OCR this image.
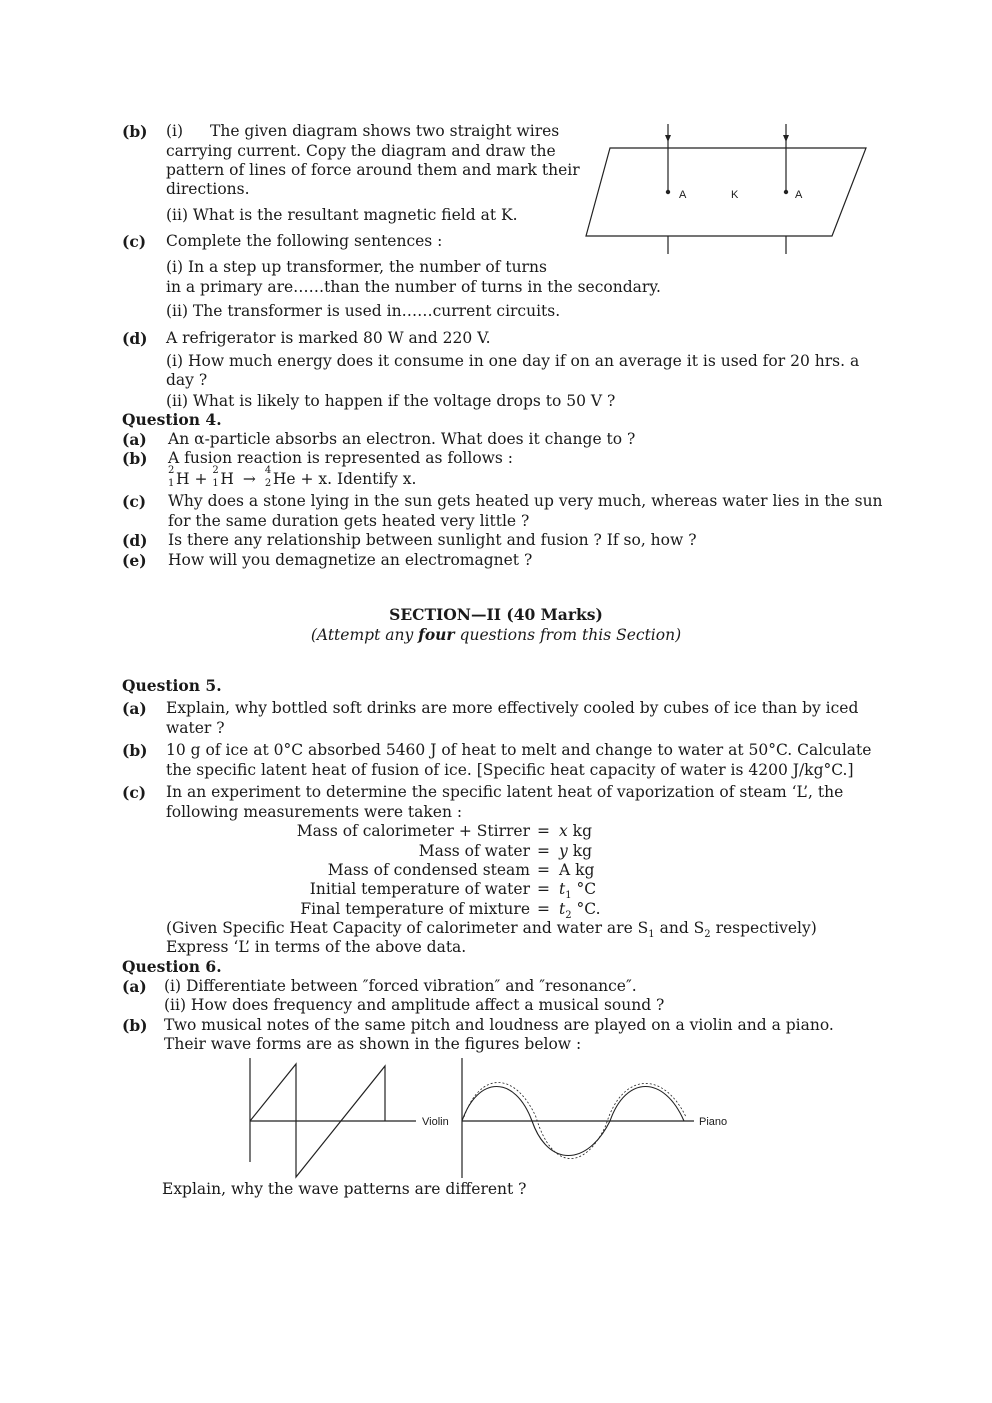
(b) (i) The given diagram shows two straight wires
carrying current. Copy the diagram and draw the
pattern of lines of force around them and mark their
directions.
(ii) What is the resultant magnetic field at K.
A	K	A
(c) Complete the following sentences :
(i) In a step up transformer, the number of turns
in a primary are……than the number of turns in the secondary.
(ii) The transformer is used in……current circuits.
(d) A refrigerator is marked 80 W and 220 V.
(i) How much energy does it consume in one day if on an average it is used for 20 hrs. a
day ?
(ii) What is likely to happen if the voltage drops to 50 V ?
Question 4.
(a) An α-particle absorbs an electron. What does it change to ?
(b) A fusion reaction is represented as follows :
2
1 H + 2
1 H → 4
2 He + x. Identify x.
(c) Why does a stone lying in the sun gets heated up very much, whereas water lies in the sun
for the same duration gets heated very little ?
(d) Is there any relationship between sunlight and fusion ? If so, how ?
(e) How will you demagnetize an electromagnet ?
SECTION—II (40 Marks)
(Attempt any four questions from this Section)
Question 5.
(a) Explain, why bottled soft drinks are more effectively cooled by cubes of ice than by iced
water ?
(b) 10 g of ice at 0°C absorbed 5460 J of heat to melt and change to water at 50°C. Calculate
the specific latent heat of fusion of ice. [Specific heat capacity of water is 4200 J/kg°C.]
(c) In an experiment to determine the specific latent heat of vaporization of steam ‘L’, the
following measurements were taken :
Mass of calorimeter + Stirrer = x kg
Mass of water = y kg
Mass of condensed steam = A kg
Initial temperature of water = $t_1$ °C
Final temperature of mixture = $t_2$ °C.
(Given Specific Heat Capacity of calorimeter and water are $S_1$ and $S_2$ respectively)
Express ‘L’ in terms of the above data.
Question 6.
(a) (i) Differentiate between ″forced vibration″ and ″resonance″.
(ii) How does frequency and amplitude affect a musical sound ?
(b) Two musical notes of the same pitch and loudness are played on a violin and a piano.
Their wave forms are as shown in the figures below :
Violin	Piano
Explain, why the wave patterns are different ?
